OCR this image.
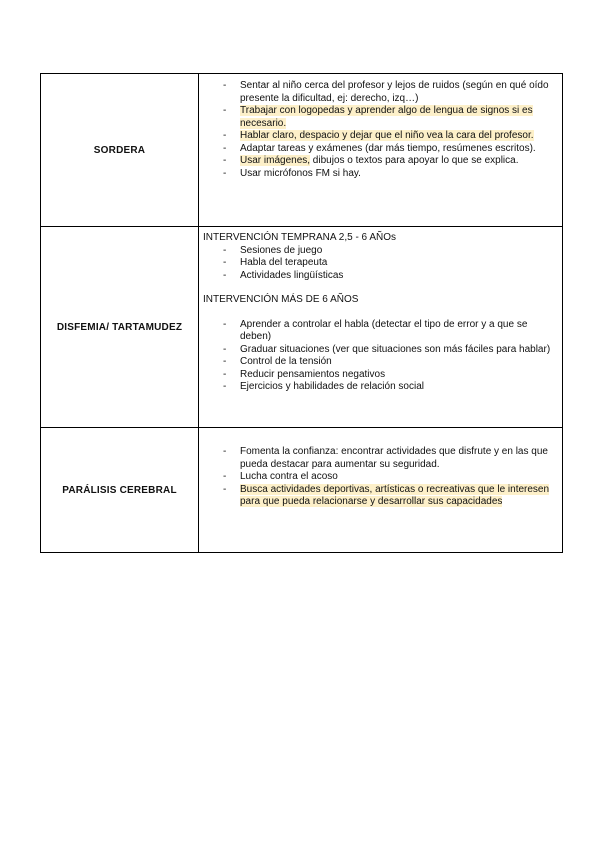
SORDERA
- Sentar al niño cerca del profesor y lejos de ruidos (según en qué oído presente la dificultad, ej: derecho, izq…)
- Trabajar con logopedas y aprender algo de lengua de signos si es necesario.
- Hablar claro, despacio y dejar que el niño vea la cara del profesor.
- Adaptar tareas y exámenes (dar más tiempo, resúmenes escritos).
- Usar imágenes, dibujos o textos para apoyar lo que se explica.
- Usar micrófonos FM si hay.
DISFEMIA/ TARTAMUDEZ

INTERVENCIÓN TEMPRANA 2,5 - 6 AÑOs

- Sesiones de juego
- Habla del terapeuta
- Actividades lingüísticas

INTERVENCIÓN MÁS DE 6 AÑOS

- Aprender a controlar el habla (detectar el tipo de error y a que se deben)
- Graduar situaciones (ver que situaciones son más fáciles para hablar)
- Control de la tensión
- Reducir pensamientos negativos
- Ejercicios y habilidades de relación social
PARÁLISIS CEREBRAL
- Fomenta la confianza: encontrar actividades que disfrute y en las que pueda destacar para aumentar su seguridad.
- Lucha contra el acoso
- Busca actividades deportivas, artísticas o recreativas que le interesen para que pueda relacionarse y desarrollar sus capacidades
